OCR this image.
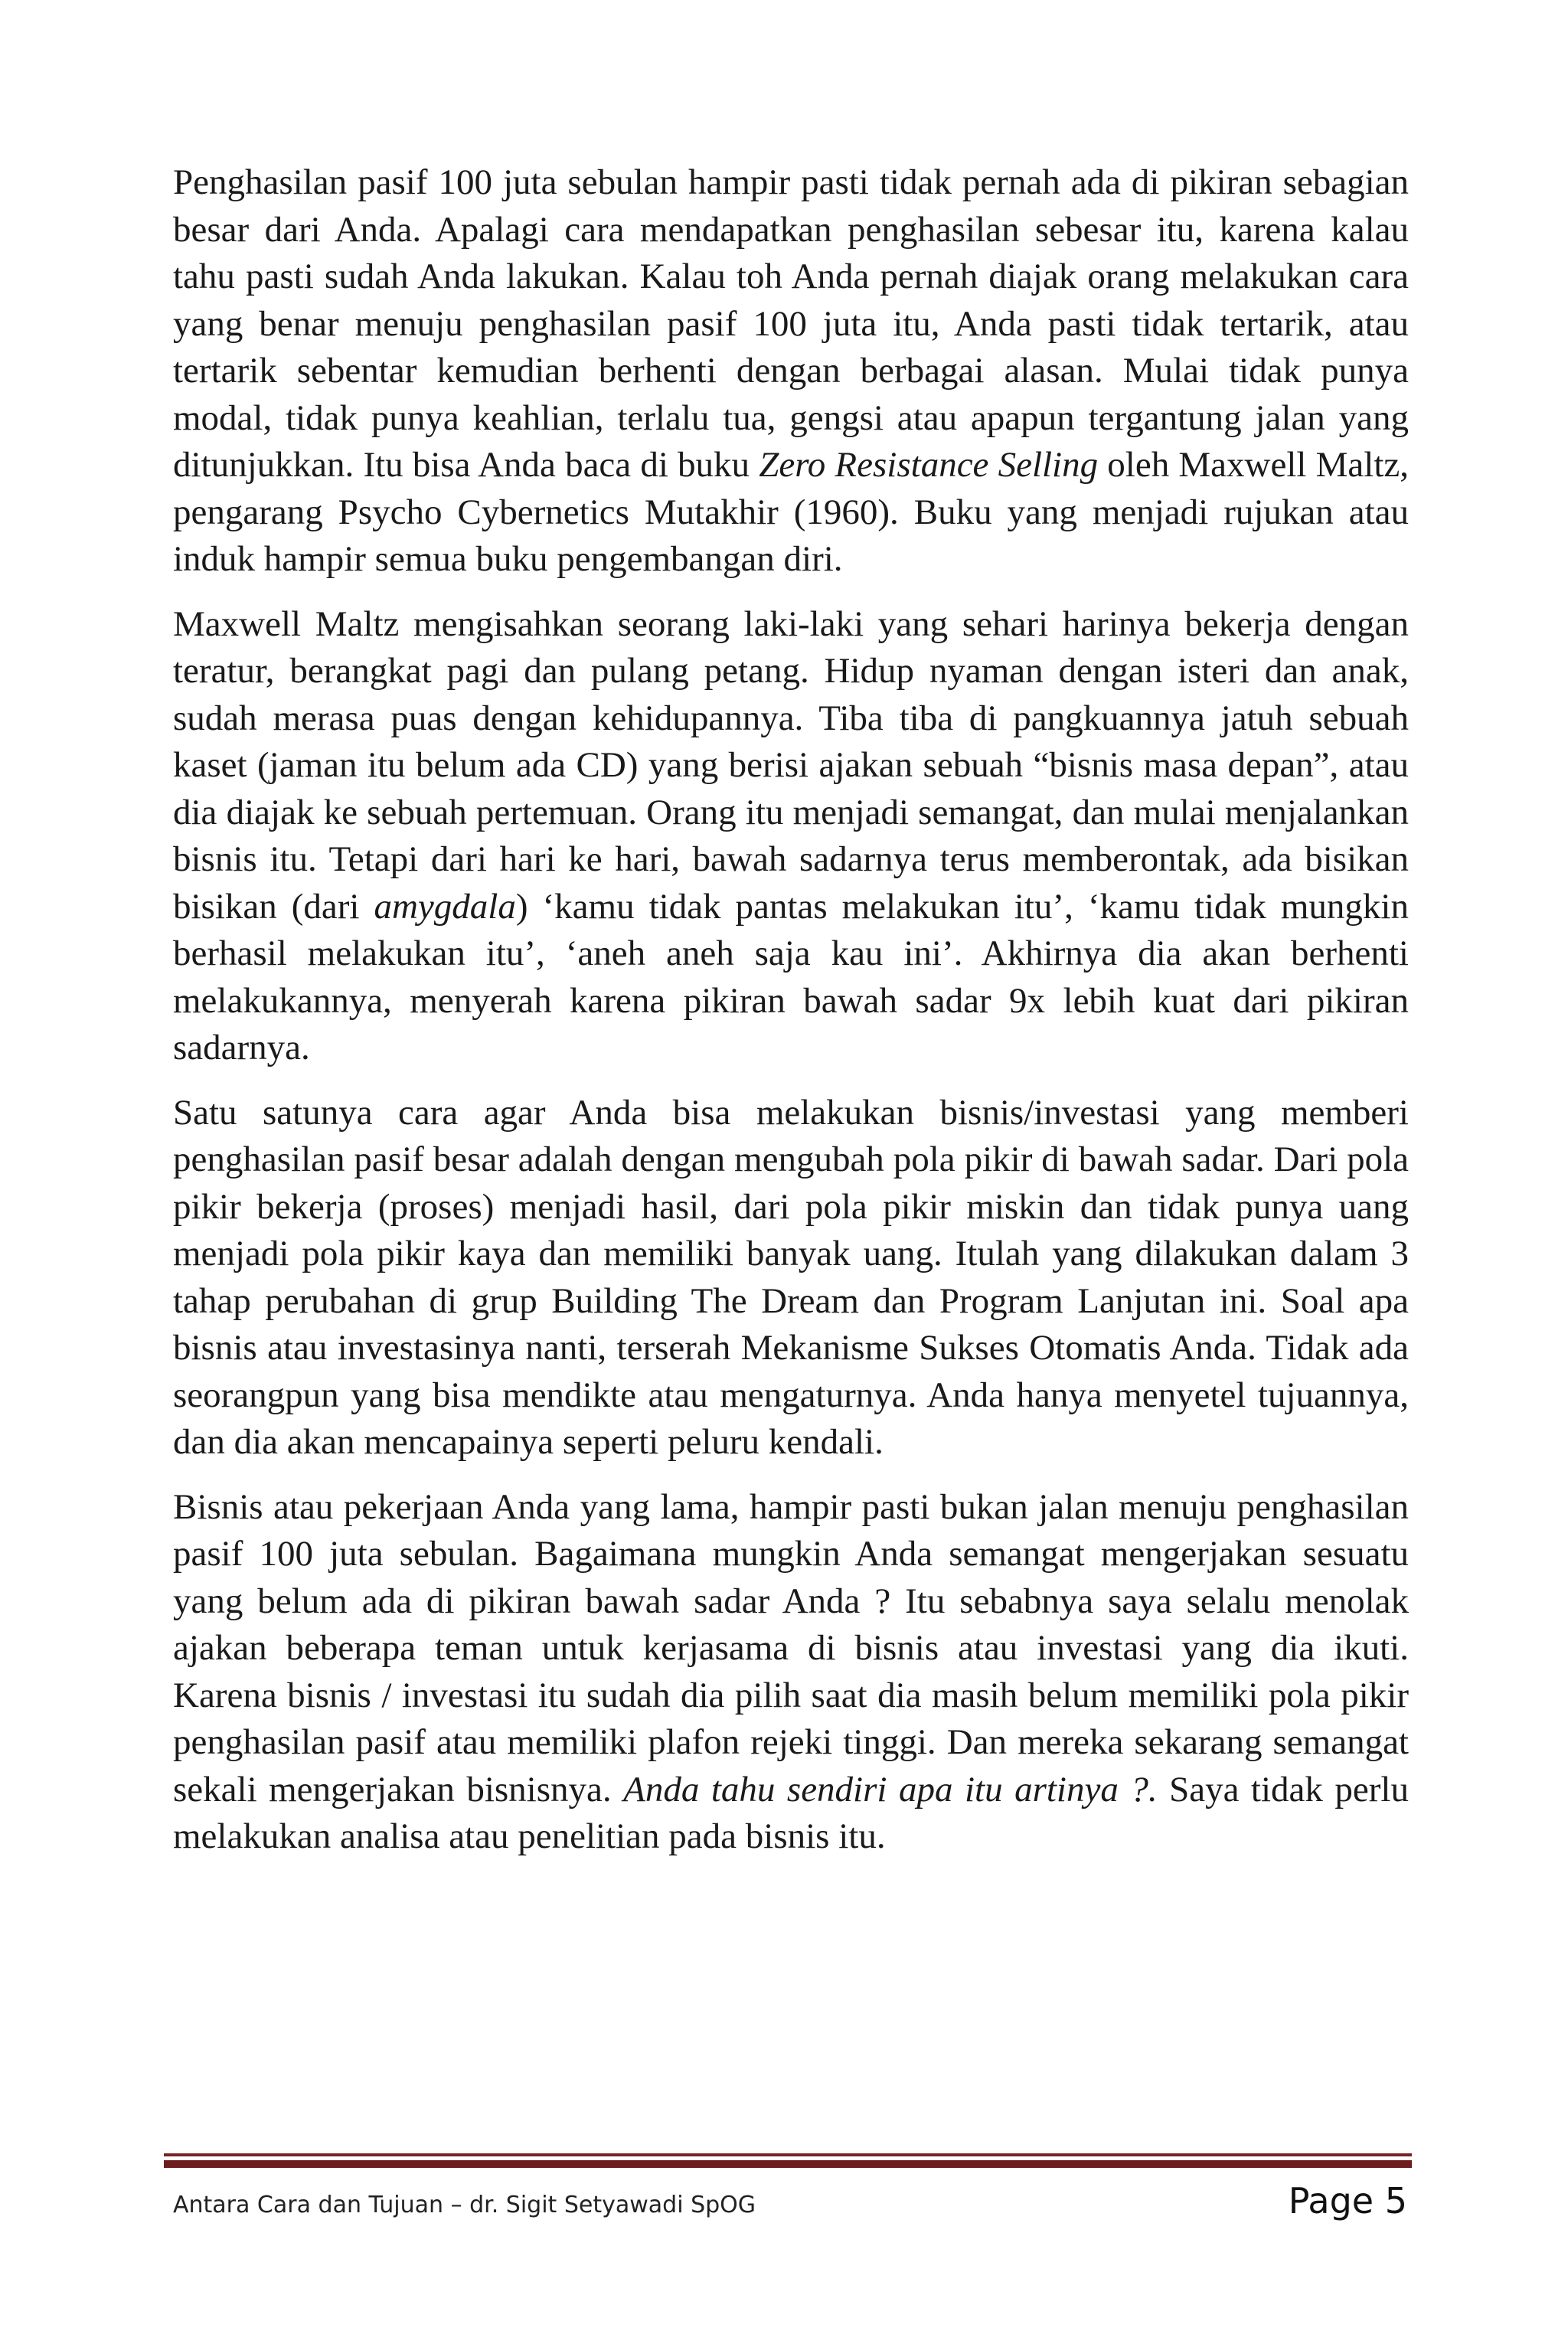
Penghasilan pasif 100 juta sebulan hampir pasti tidak pernah ada di pikiran sebagian besar dari Anda. Apalagi cara mendapatkan penghasilan sebesar itu, karena kalau tahu pasti sudah Anda lakukan. Kalau toh Anda pernah diajak orang melakukan cara yang benar menuju penghasilan pasif 100 juta itu, Anda pasti tidak tertarik, atau tertarik sebentar kemudian berhenti dengan berbagai alasan. Mulai tidak punya modal, tidak punya keahlian, terlalu tua, gengsi atau apapun tergantung jalan yang ditunjukkan. Itu bisa Anda baca di buku Zero Resistance Selling oleh Maxwell Maltz, pengarang Psycho Cybernetics Mutakhir (1960). Buku yang menjadi rujukan atau induk hampir semua buku pengembangan diri.

Maxwell Maltz mengisahkan seorang laki-laki yang sehari harinya bekerja dengan teratur, berangkat pagi dan pulang petang. Hidup nyaman dengan isteri dan anak, sudah merasa puas dengan kehidupannya. Tiba tiba di pangkuannya jatuh sebuah kaset (jaman itu belum ada CD) yang berisi ajakan sebuah “bisnis masa depan”, atau dia diajak ke sebuah pertemuan. Orang itu menjadi semangat, dan mulai menjalankan bisnis itu. Tetapi dari hari ke hari, bawah sadarnya terus memberontak, ada bisikan bisikan (dari amygdala) ‘kamu tidak pantas melakukan itu’, ‘kamu tidak mungkin berhasil melakukan itu’, ‘aneh aneh saja kau ini’. Akhirnya dia akan berhenti melakukannya, menyerah karena pikiran bawah sadar 9x lebih kuat dari pikiran sadarnya.

Satu satunya cara agar Anda bisa melakukan bisnis/investasi yang memberi penghasilan pasif besar adalah dengan mengubah pola pikir di bawah sadar. Dari pola pikir bekerja (proses) menjadi hasil, dari pola pikir miskin dan tidak punya uang menjadi pola pikir kaya dan memiliki banyak uang. Itulah yang dilakukan dalam 3 tahap perubahan di grup Building The Dream dan Program Lanjutan ini. Soal apa bisnis atau investasinya nanti, terserah Mekanisme Sukses Otomatis Anda. Tidak ada seorangpun yang bisa mendikte atau mengaturnya. Anda hanya menyetel tujuannya, dan dia akan mencapainya seperti peluru kendali.

Bisnis atau pekerjaan Anda yang lama, hampir pasti bukan jalan menuju penghasilan pasif 100 juta sebulan. Bagaimana mungkin Anda semangat mengerjakan sesuatu yang belum ada di pikiran bawah sadar Anda ? Itu sebabnya saya selalu menolak ajakan beberapa teman untuk kerjasama di bisnis atau investasi yang dia ikuti. Karena bisnis / investasi itu sudah dia pilih saat dia masih belum memiliki pola pikir penghasilan pasif atau memiliki plafon rejeki tinggi. Dan mereka sekarang semangat sekali mengerjakan bisnisnya. Anda tahu sendiri apa itu artinya ?. Saya tidak perlu melakukan analisa atau penelitian pada bisnis itu.

Antara Cara dan Tujuan – dr. Sigit Setyawadi SpOG	Page 5
